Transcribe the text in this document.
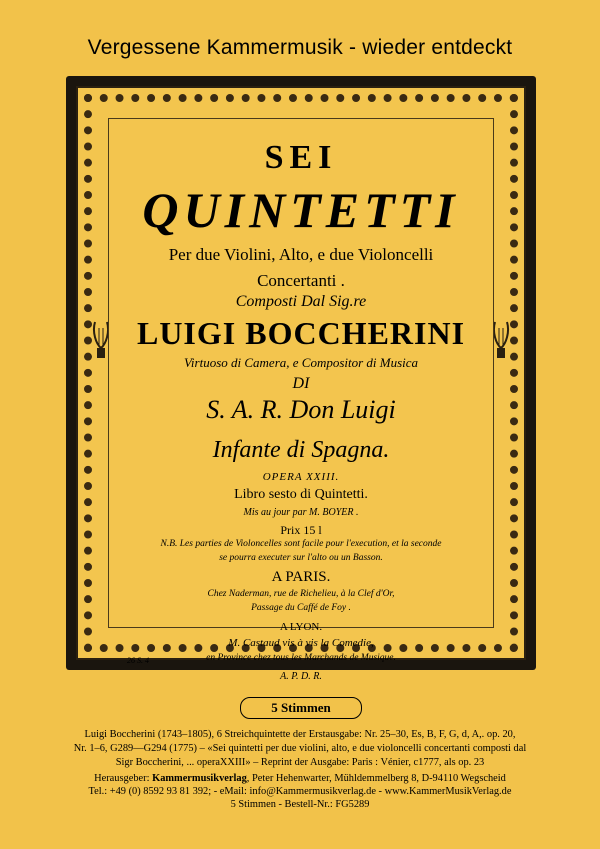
Vergessene Kammermusik - wieder entdeckt
SEI
QUINTETTI
Per due Violini, Alto, e due Violoncelli
Concertanti .
Composti Dal Sig.re
LUIGI BOCCHERINI
Virtuoso di Camera, e Compositor di Musica
DI
S. A. R. Don Luigi
Infante di Spagna.
OPERA XXIII.
Libro sesto di Quintetti.
Mis au jour par M. BOYER .
Prix 15 l
N.B. Les parties de Violoncelles sont facile pour l'execution, et la seconde
se pourra executer sur l'alto ou un Basson.
A PARIS.
Chez Naderman, rue de Richelieu, à la Clef d'Or,
Passage du Caffé de Foy .
A LYON.
M. Castaud vis à vis la Comedie,
en Province chez tous les Marchands de Musique.
A. P. D. R.
26 S. 4
5 Stimmen
Luigi Boccherini (1743–1805), 6 Streichquintette der Erstausgabe: Nr. 25–30, Es, B, F, G, d, A,. op. 20,
Nr. 1–6, G289—G294 (1775) – «Sei quintetti per due violini, alto, e due violoncelli concertanti composti dal
Sigr Boccherini, ... operaXXIII» – Reprint der Ausgabe: Paris : Vénier, c1777, als op. 23
Herausgeber: Kammermusikverlag, Peter Hehenwarter, Mühldemmelberg 8, D-94110 Wegscheid
Tel.: +49 (0) 8592 93 81 392; - eMail: info@Kammermusikverlag.de - www.KammerMusikVerlag.de
5 Stimmen - Bestell-Nr.: FG5289
